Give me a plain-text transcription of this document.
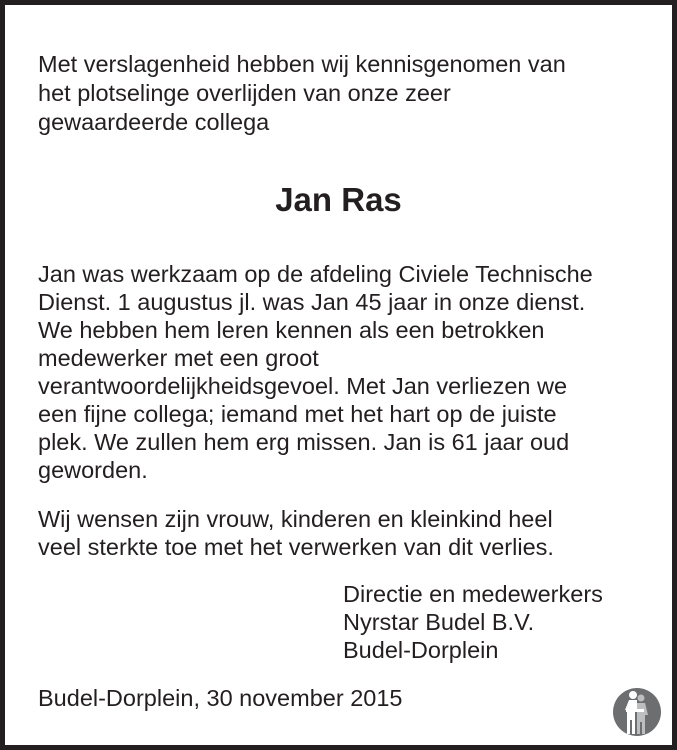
Met verslagenheid hebben wij kennisgenomen van
het plotselinge overlijden van onze zeer
gewaardeerde collega
Jan Ras
Jan was werkzaam op de afdeling Civiele Technische
Dienst. 1 augustus jl. was Jan 45 jaar in onze dienst.
We hebben hem leren kennen als een betrokken
medewerker met een groot
verantwoordelijkheidsgevoel. Met Jan verliezen we
een fijne collega; iemand met het hart op de juiste
plek. We zullen hem erg missen. Jan is 61 jaar oud
geworden.
Wij wensen zijn vrouw, kinderen en kleinkind heel
veel sterkte toe met het verwerken van dit verlies.
Directie en medewerkers
Nyrstar Budel B.V.
Budel-Dorplein
Budel-Dorplein, 30 november 2015
